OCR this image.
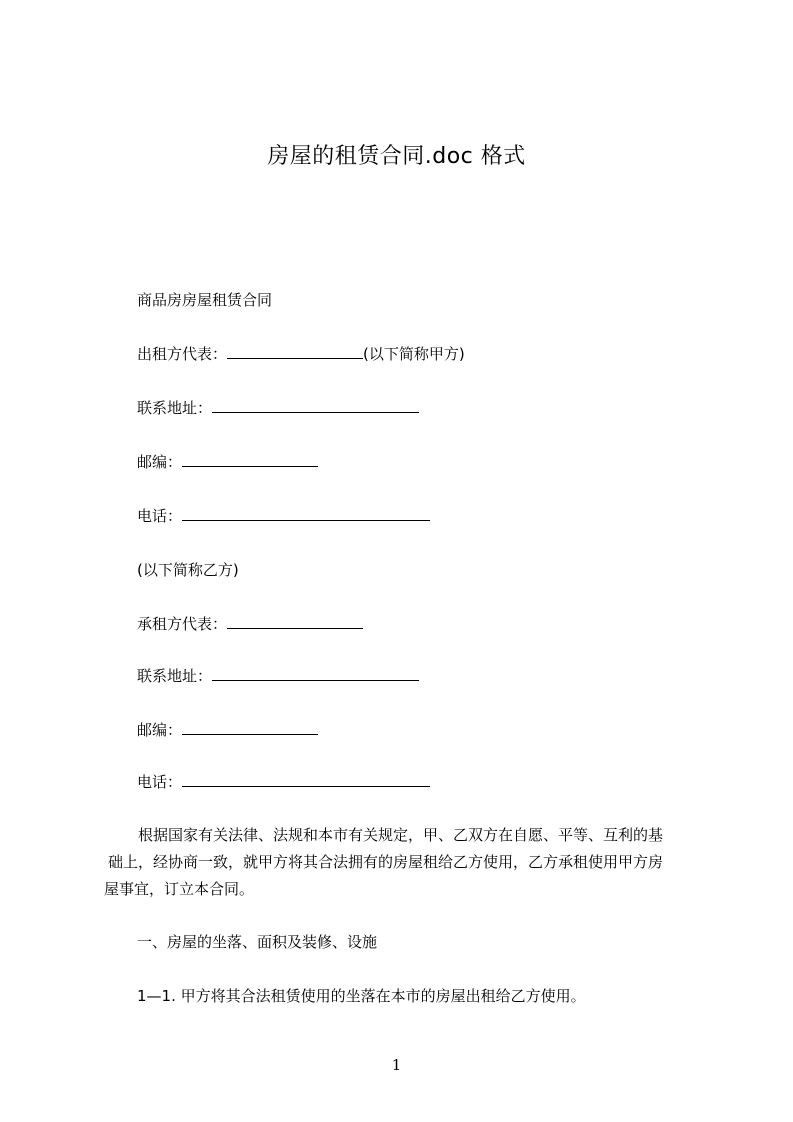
房屋的租赁合同.doc 格式
商品房房屋租赁合同
出租方代表：	(以下简称甲方)
联系地址：
邮编：
电话：
(以下简称乙方)
承租方代表：
联系地址：
邮编：
电话：
根据国家有关法律、法规和本市有关规定，甲、乙双方在自愿、平等、互利的基
础上，经协商一致，就甲方将其合法拥有的房屋租给乙方使用，乙方承租使用甲方房
屋事宜，订立本合同。
一、房屋的坐落、面积及装修、设施
1—1. 甲方将其合法租赁使用的坐落在本市的房屋出租给乙方使用。
1
